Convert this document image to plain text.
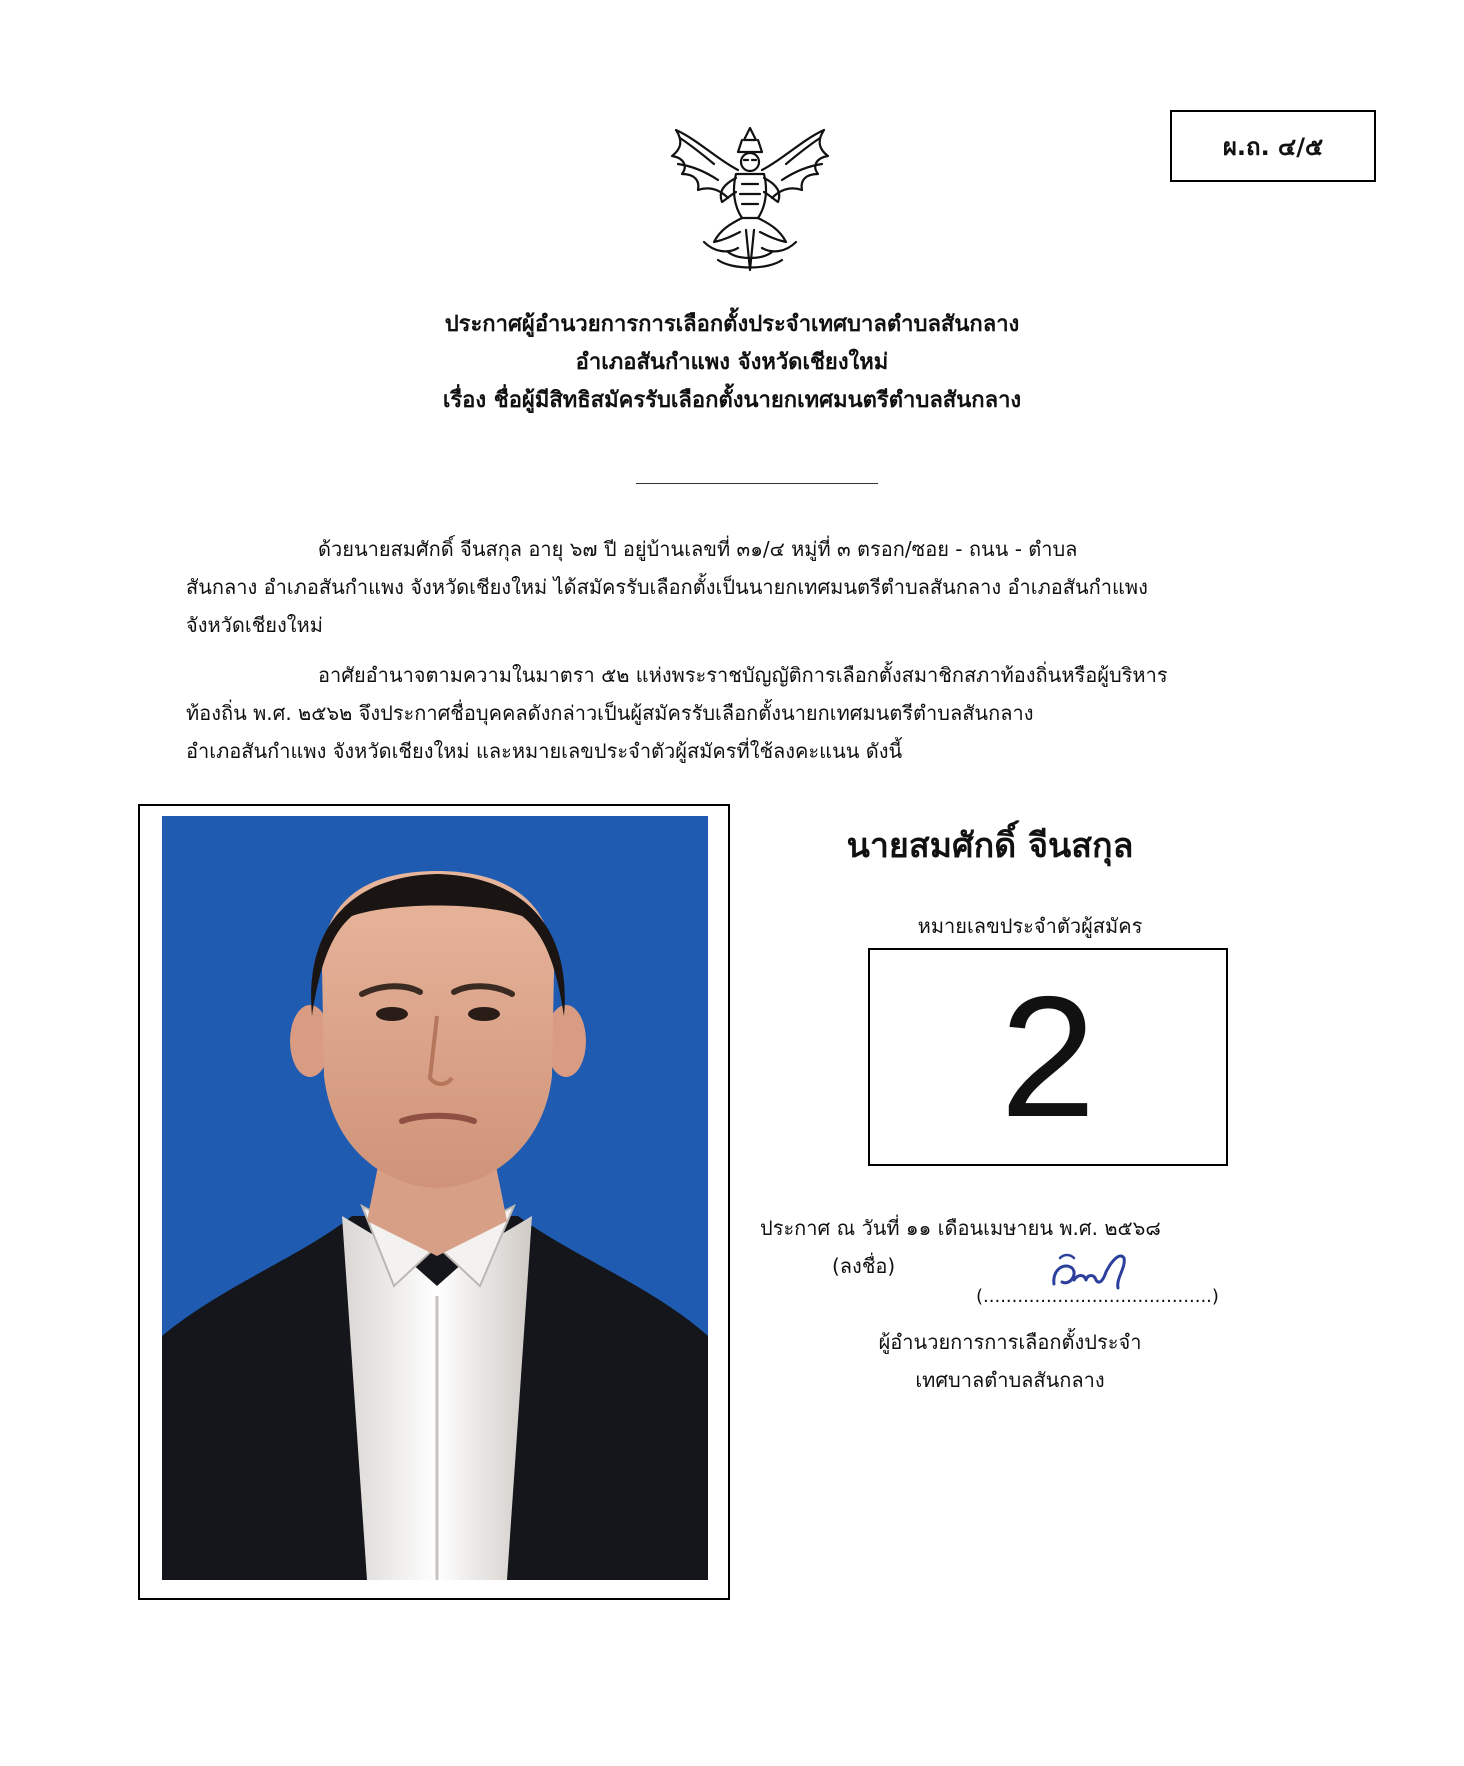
ผ.ถ. ๔/๕
ประกาศผู้อำนวยการการเลือกตั้งประจำเทศบาลตำบลสันกลาง
อำเภอสันกำแพง จังหวัดเชียงใหม่
เรื่อง ชื่อผู้มีสิทธิสมัครรับเลือกตั้งนายกเทศมนตรีตำบลสันกลาง
ด้วยนายสมศักดิ์ จีนสกุล อายุ ๖๗ ปี อยู่บ้านเลขที่ ๓๑/๔ หมู่ที่ ๓ ตรอก/ซอย - ถนน - ตำบล
สันกลาง อำเภอสันกำแพง จังหวัดเชียงใหม่ ได้สมัครรับเลือกตั้งเป็นนายกเทศมนตรีตำบลสันกลาง อำเภอสันกำแพง
จังหวัดเชียงใหม่
อาศัยอำนาจตามความในมาตรา ๕๒ แห่งพระราชบัญญัติการเลือกตั้งสมาชิกสภาท้องถิ่นหรือผู้บริหาร
ท้องถิ่น พ.ศ. ๒๕๖๒ จึงประกาศชื่อบุคคลดังกล่าวเป็นผู้สมัครรับเลือกตั้งนายกเทศมนตรีตำบลสันกลาง
อำเภอสันกำแพง จังหวัดเชียงใหม่ และหมายเลขประจำตัวผู้สมัครที่ใช้ลงคะแนน ดังนี้
นายสมศักดิ์ จีนสกุล
หมายเลขประจำตัวผู้สมัคร
2
ประกาศ ณ วันที่ ๑๑ เดือนเมษายน พ.ศ. ๒๕๖๘
(ลงชื่อ)
(........................................)
ผู้อำนวยการการเลือกตั้งประจำ
เทศบาลตำบลสันกลาง
